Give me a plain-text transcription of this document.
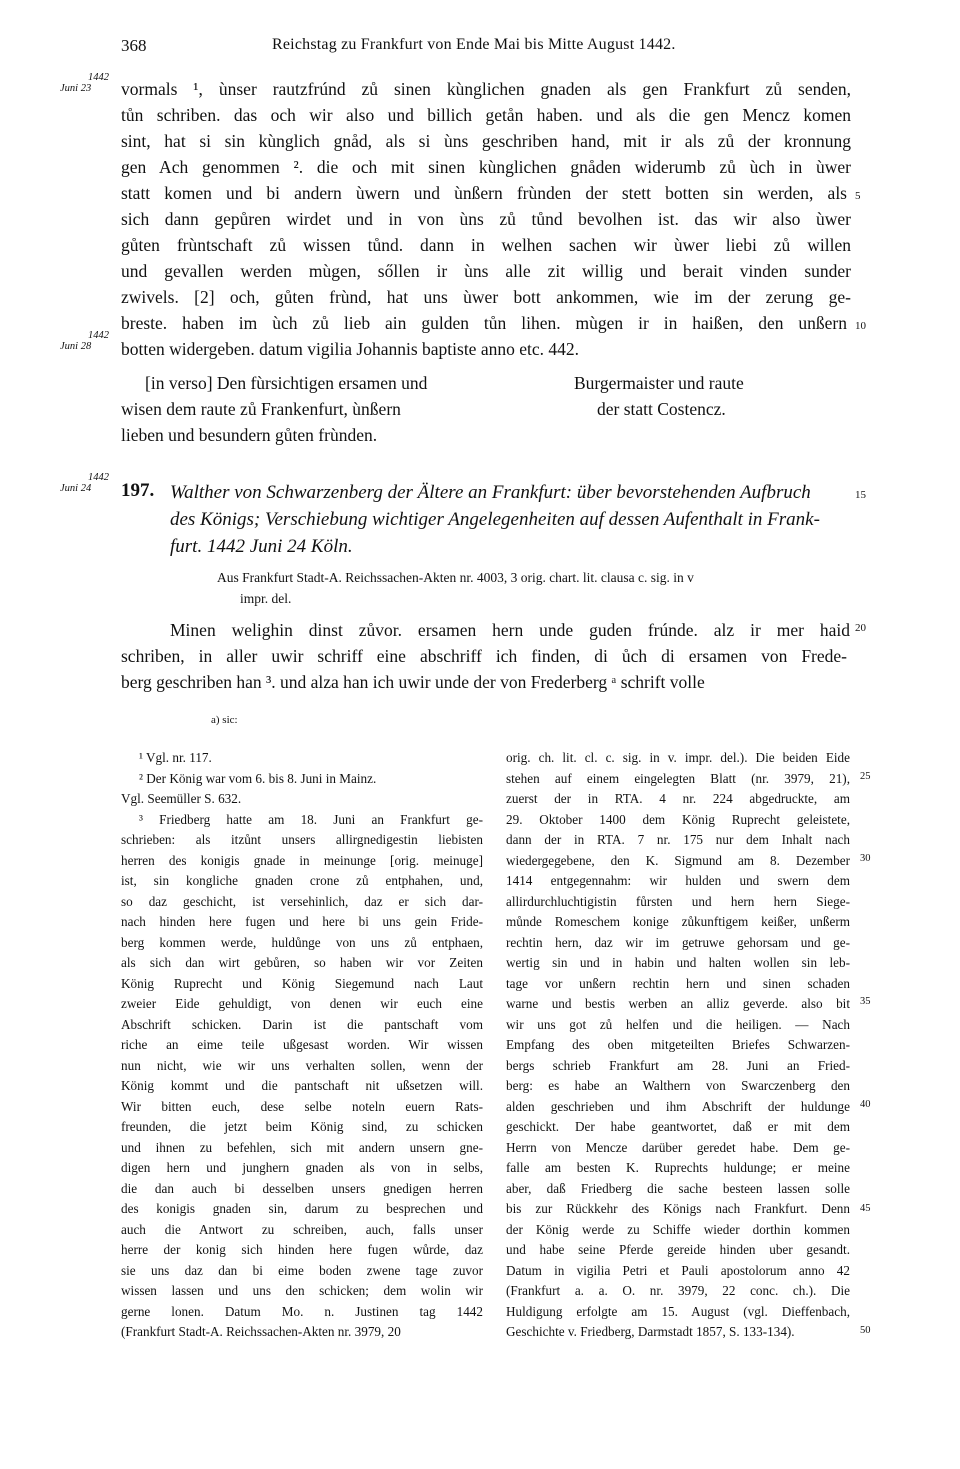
368	Reichstag zu Frankfurt von Ende Mai bis Mitte August 1442.
1442
Juni 23
1442
Juni 28
1442
Juni 24
vormals ¹, ùnser rautzfrúnd zů sinen kùnglichen gnaden als gen Frankfurt zů senden,
tůn schriben. das och wir also und billich getån haben. und als die gen Mencz komen
sint, hat si sin kùnglich gnåd, als si ùns geschriben hand, mit ir als zů der kronnung
gen Ach genommen ². die och mit sinen kùnglichen gnåden widerumb zů ùch in ùwer
statt komen und bi andern ùwern und ùnßern frùnden der stett botten sin werden, als
sich dann gepůren wirdet und in von ùns zů tůnd bevolhen ist. das wir also ùwer
gůten frùntschaft zů wissen tůnd. dann in welhen sachen wir ùwer liebi zů willen
und gevallen werden mùgen, sőllen ir ùns alle zit willig und berait vinden sunder
zwivels. [2] och, gůten frùnd, hat uns ùwer bott ankommen, wie im der zerung ge-
breste. haben im ùch zů lieb ain gulden tůn lihen. mùgen ir in haißen, den unßern
botten widergeben. datum vigilia Johannis baptiste anno etc. 442.
5
10
15
20
[in verso] Den fùrsichtigen ersamen und
wisen dem raute zů Frankenfurt, ùnßern
lieben und besundern gůten frùnden.
Burgermaister und raute
der statt Costencz.
197. Walther von Schwarzenberg der Ältere an Frankfurt: über bevorstehenden Aufbruch
des Königs; Verschiebung wichtiger Angelegenheiten auf dessen Aufenthalt in Frank-
furt. 1442 Juni 24 Köln.
Aus Frankfurt Stadt-A. Reichssachen-Akten nr. 4003, 3 orig. chart. lit. clausa c. sig. in v
impr. del.
Minen welighin dinst zůvor. ersamen hern unde guden frúnde. alz ir mer haid
schriben, in aller uwir schriff eine abschriff ich finden, di ůch di ersamen von Frede-
berg geschriben han ³. und alza han ich uwir unde der von Frederberg ᵃ schrift volle
a) sic:
¹ Vgl. nr. 117.
² Der König war vom 6. bis 8. Juni in Mainz.
Vgl. Seemüller S. 632.
³ Friedberg hatte am 18. Juni an Frankfurt ge-
schrieben: als itzůnt unsers allirgnedigestin liebisten
herren des konigis gnade in meinunge [orig. meinuge]
ist, sin kongliche gnaden crone zů entphahen, und,
so daz geschicht, ist versehinlich, daz er sich dar-
nach hinden here fugen und here bi uns gein Fride-
berg kommen werde, huldůnge von uns zů entphaen,
als sich dan wirt gebůren, so haben wir vor Zeiten
König Ruprecht und König Siegemund nach Laut
zweier Eide gehuldigt, von denen wir euch eine
Abschrift schicken. Darin ist die pantschaft vom
riche an eime teile ußgesast worden. Wir wissen
nun nicht, wie wir uns verhalten sollen, wenn der
König kommt und die pantschaft nit ußsetzen will.
Wir bitten euch, dese selbe noteln euern Rats-
freunden, die jetzt beim König sind, zu schicken
und ihnen zu befehlen, sich mit andern unsern gne-
digen hern und junghern gnaden als von in selbs,
die dan auch bi desselben unsers gnedigen herren
des konigis gnaden sin, darum zu besprechen und
auch die Antwort zu schreiben, auch, falls unser
herre der konig sich hinden here fugen wůrde, daz
sie uns daz dan bi eime boden zwene tage zuvor
wissen lassen und uns den schicken; dem wolin wir
gerne lonen. Datum Mo. n. Justinen tag 1442
(Frankfurt Stadt-A. Reichssachen-Akten nr. 3979, 20
orig. ch. lit. cl. c. sig. in v. impr. del.). Die beiden Eide
stehen auf einem eingelegten Blatt (nr. 3979, 21),
zuerst der in RTA. 4 nr. 224 abgedruckte, am
29. Oktober 1400 dem König Ruprecht geleistete,
dann der in RTA. 7 nr. 175 nur dem Inhalt nach
wiedergegebene, den K. Sigmund am 8. Dezember
1414 entgegennahm: wir hulden und swern dem
allirdurchluchtigistin fůrsten und hern hern Siege-
můnde Romeschem konige zůkunftigem keißer, unßerm
rechtin hern, daz wir im getruwe gehorsam und ge-
wertig sin und in habin und halten wollen sin leb-
tage vor unßern rechtin hern und sinen schaden
warne und bestis werben an alliz geverde. also bit
wir uns got zů helfen und die heiligen. — Nach
Empfang des oben mitgeteilten Briefes Schwarzen-
bergs schrieb Frankfurt am 28. Juni an Fried-
berg: es habe an Walthern von Swarczenberg den
alden geschrieben und ihm Abschrift der huldunge
geschickt. Der habe geantwortet, daß er mit dem
Herrn von Mencze darüber geredet habe. Dem ge-
falle am besten K. Ruprechts huldunge; er meine
aber, daß Friedberg die sache besteen lassen solle
bis zur Rückkehr des Königs nach Frankfurt. Denn
der König werde zu Schiffe wieder dorthin kommen
und habe seine Pferde gereide hinden uber gesandt.
Datum in vigilia Petri et Pauli apostolorum anno 42
(Frankfurt a. a. O. nr. 3979, 22 conc. ch.). Die
Huldigung erfolgte am 15. August (vgl. Dieffenbach,
Geschichte v. Friedberg, Darmstadt 1857, S. 133-134).
25
30
35
40
45
50
